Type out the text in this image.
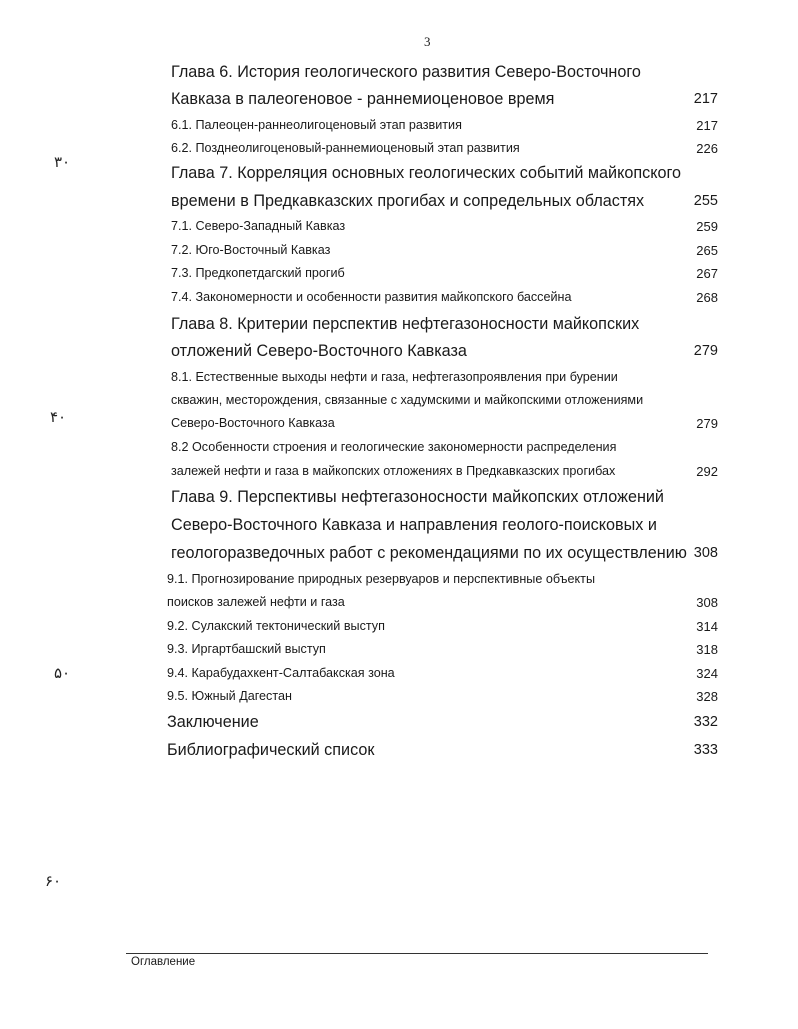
3
Глава 6. История геологического развития Северо-Восточного
Кавказа в палеогеновое - раннемиоценовое время	217
6.1. Палеоцен-раннеолигоценовый этап развития	217
6.2. Позднеолигоценовый-раннемиоценовый этап развития	226
Глава 7. Корреляция основных геологических событий майкопского
времени в Предкавказских прогибах и сопредельных областях	255
7.1. Северо-Западный Кавказ	259
7.2. Юго-Восточный Кавказ	265
7.3. Предкопетдагский прогиб	267
7.4. Закономерности и особенности развития майкопского бассейна	268
Глава 8. Критерии перспектив нефтегазоносности майкопских
отложений Северо-Восточного Кавказа	279
8.1. Естественные выходы нефти и газа, нефтегазопроявления при бурении
скважин, месторождения, связанные с хадумскими и майкопскими отложениями
Северо-Восточного Кавказа	279
8.2 Особенности строения и геологические закономерности распределения
залежей нефти и газа в майкопских отложениях в Предкавказских прогибах	292
Глава 9. Перспективы нефтегазоносности майкопских отложений
Северо-Восточного Кавказа и направления геолого-поисковых и
геологоразведочных работ с рекомендациями по их осуществлению 308
9.1. Прогнозирование природных резервуаров и перспективные объекты
поисков залежей нефти и газа	308
9.2. Сулакский тектонический выступ	314
9.3. Иргартбашский выступ	318
9.4. Карабудахкент-Салтабакская зона	324
9.5. Южный Дагестан	328
Заключение	332
Библиографический список	333
۳۰
۴۰
۵۰
۶۰
Оглавление
